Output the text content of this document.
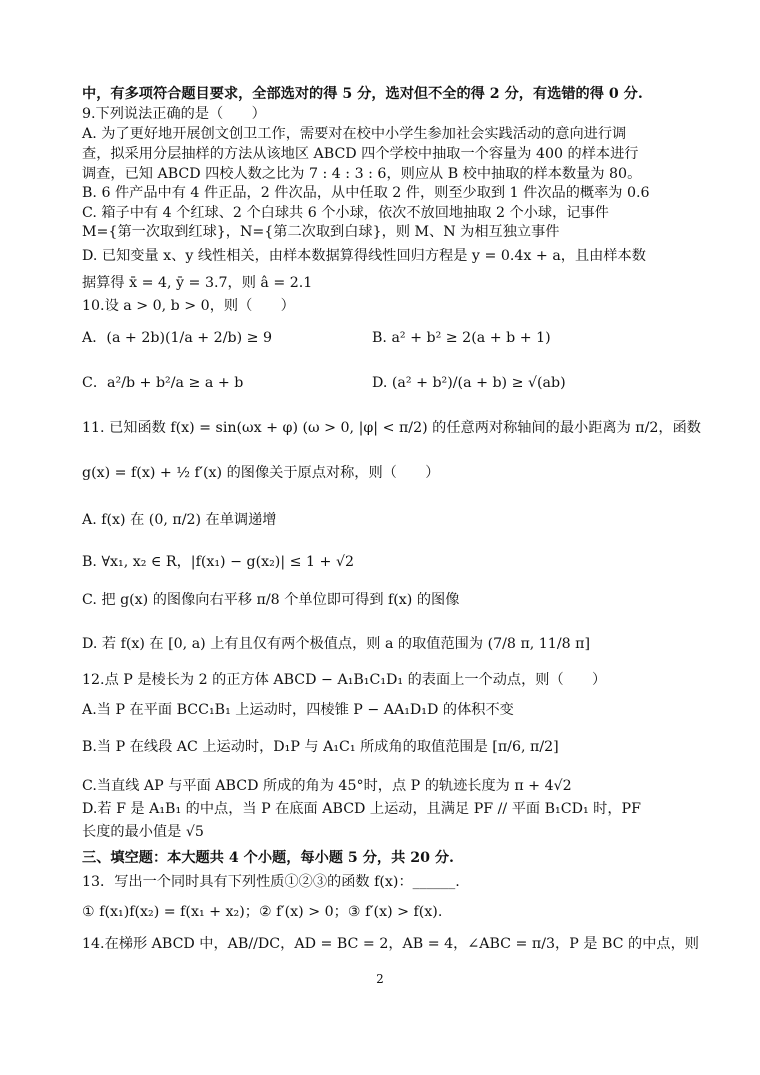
中，有多项符合题目要求，全部选对的得 5 分，选对但不全的得 2 分，有选错的得 0 分.
9.下列说法正确的是（　　）
A. 为了更好地开展创文创卫工作，需要对在校中小学生参加社会实践活动的意向进行调
查，拟采用分层抽样的方法从该地区 ABCD 四个学校中抽取一个容量为 400 的样本进行
调查，已知 ABCD 四校人数之比为 7 : 4 : 3 : 6，则应从 B 校中抽取的样本数量为 80。
B. 6 件产品中有 4 件正品，2 件次品，从中任取 2 件，则至少取到 1 件次品的概率为 0.6
C. 箱子中有 4 个红球、2 个白球共 6 个小球，依次不放回地抽取 2 个小球，记事件
M={第一次取到红球}，N={第二次取到白球}，则 M、N 为相互独立事件
D. 已知变量 x、y 线性相关，由样本数据算得线性回归方程是 y = 0.4x + a，且由样本数
据算得 x̄ = 4, ȳ = 3.7，则 â = 2.1
10.设 a > 0, b > 0，则（　　）
A．(a + 2b)(1/a + 2/b) ≥ 9	B. a² + b² ≥ 2(a + b + 1)
C．a²/b + b²/a ≥ a + b	D. (a² + b²)/(a + b) ≥ √(ab)
11. 已知函数 f(x) = sin(ωx + φ) (ω > 0, |φ| < π/2) 的任意两对称轴间的最小距离为 π/2，函数
g(x) = f(x) + ½ f′(x) 的图像关于原点对称，则（　　）
A. f(x) 在 (0, π/2) 在单调递增
B. ∀x₁, x₂ ∈ R，|f(x₁) − g(x₂)| ≤ 1 + √2
C. 把 g(x) 的图像向右平移 π/8 个单位即可得到 f(x) 的图像
D. 若 f(x) 在 [0, a) 上有且仅有两个极值点，则 a 的取值范围为 (7/8 π, 11/8 π]
12.点 P 是棱长为 2 的正方体 ABCD − A₁B₁C₁D₁ 的表面上一个动点，则（　　）
A.当 P 在平面 BCC₁B₁ 上运动时，四棱锥 P − AA₁D₁D 的体积不变
B.当 P 在线段 AC 上运动时，D₁P 与 A₁C₁ 所成角的取值范围是 [π/6, π/2]
C.当直线 AP 与平面 ABCD 所成的角为 45°时，点 P 的轨迹长度为 π + 4√2
D.若 F 是 A₁B₁ 的中点，当 P 在底面 ABCD 上运动，且满足 PF // 平面 B₁CD₁ 时，PF
长度的最小值是 √5
三、填空题：本大题共 4 个小题，每小题 5 分，共 20 分.
13．写出一个同时具有下列性质①②③的函数 f(x)：______.
① f(x₁)f(x₂) = f(x₁ + x₂)；② f′(x) > 0；③ f′(x) > f(x).
14.在梯形 ABCD 中，AB//DC，AD = BC = 2，AB = 4，∠ABC = π/3，P 是 BC 的中点，则
2
